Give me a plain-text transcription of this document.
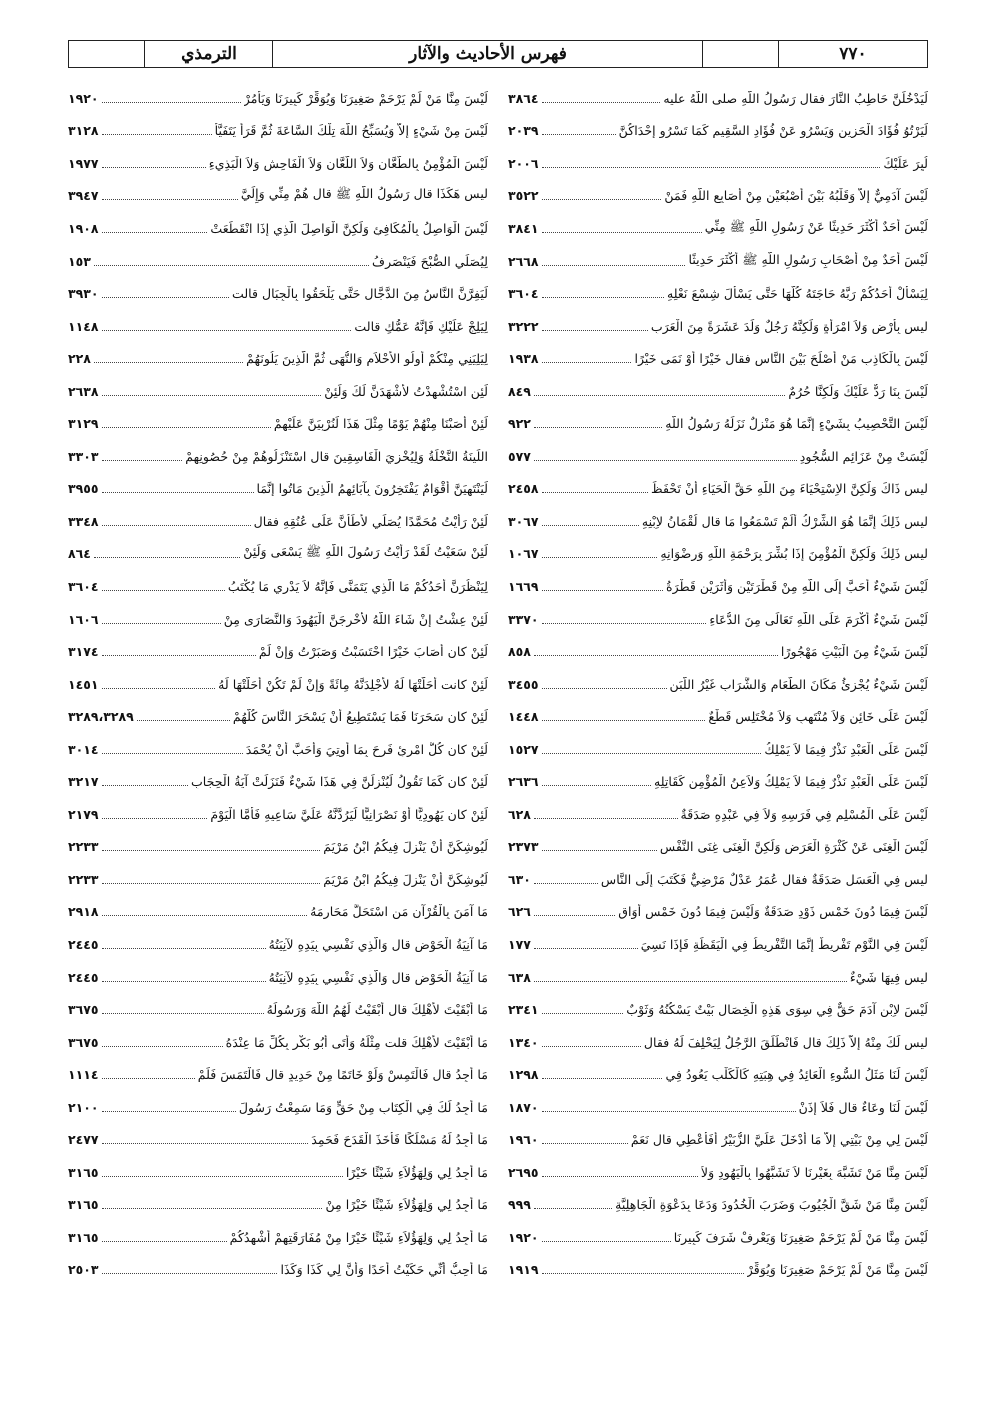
٧٧٠
فهرس الأحاديث والآثار
الترمذي
لَيَدْخُلَنَّ حَاطِبُ النَّارَ فقال رَسُولُ اللَّهِ صلى اللَّهُ عليه
٣٨٦٤
لَيَرْتُوُ فُؤَادَ الْحَزِينِ وَيَسْرُو عَنْ فُؤَادِ السَّقِيمِ كَمَا تَسْرُو إِحْدَاكُنَّ
٢٠٣٩
لُيِرَ عَلَيْكَ
٢٠٠٦
لَيْسَ آدَمِيٌّ إِلاَّ وَقَلْبُهُ بَيْنَ أُصْبُعَيْنِ مِنْ أَصَابِعِ اللَّهِ فَمَنْ
٣٥٢٢
لَيْسَ أَحَدٌ أَكْثَرَ حَدِيثًا عَنْ رَسُولِ اللَّهِ ﷺ مِنِّي
٣٨٤١
لَيْسَ أَحَدٌ مِنْ أَصْحَابِ رَسُولِ اللَّهِ ﷺ أَكْثَرَ حَدِيثًا
٢٦٦٨
لِيَسْأَلْ أَحَدُكُمْ رَبَّهُ حَاجَتَهُ كُلَّهَا حَتَّى يَسْأَلَ شِسْعَ نَعْلِهِ
٣٦٠٤
ليس بِأَرْضٍ وَلاَ امْرَأَةٍ وَلَكِنَّهُ رَجُلٌ وَلَدَ عَشَرَةً مِنَ الْعَرَبِ
٣٢٢٢
لَيْسَ بِالْكَاذِبِ مَنْ أَصْلَحَ بَيْنَ النَّاسِ فقال خَيْرًا أَوْ نَمَى خَيْرًا
١٩٣٨
لَيْسَ بِنَا رَدٌّ عَلَيْكَ وَلَكِنَّا حُرُمٌ
٨٤٩
لَيْسَ التَّحْصِيبُ بِشَيْءٍ إِنَّمَا هُوَ مَنْزِلٌ نَزَلَهُ رَسُولُ اللَّهِ
٩٢٢
لَيْسَتْ مِنْ عَزَائِمِ السُّجُودِ
٥٧٧
ليس ذَاكَ وَلَكِنَّ الاِسْتِحْيَاءَ مِنَ اللَّهِ حَقَّ الْحَيَاءِ أَنْ تَحْفَظَ
٢٤٥٨
ليس ذَلِكَ إِنَّمَا هُوَ الشِّرْكُ أَلَمْ تَسْمَعُوا مَا قال لُقْمَانُ لاِبْنِهِ
٣٠٦٧
ليس ذَلِكَ وَلَكِنَّ الْمُؤْمِنَ إِذَا بُشِّرَ بِرَحْمَةِ اللَّهِ وَرِضْوَانِهِ
١٠٦٧
لَيْسَ شَيْءٌ أَحَبَّ إِلَى اللَّهِ مِنْ قَطْرَتَيْنِ وَأَثَرَيْنِ قَطْرَةُ
١٦٦٩
لَيْسَ شَيْءٌ أَكْرَمَ عَلَى اللَّهِ تَعَالَى مِنَ الدُّعَاءِ
٣٣٧٠
لَيْسَ شَيْءٌ مِنَ الْبَيْتِ مَهْجُورًا
٨٥٨
لَيْسَ شَيْءٌ يُجْزِئُ مَكَانَ الطَّعَامِ وَالشَّرَابِ غَيْرُ اللَّبَنِ
٣٤٥٥
لَيْسَ عَلَى خَائِنٍ وَلاَ مُنْتَهِبٍ وَلاَ مُخْتَلِسٍ قَطْعٌ
١٤٤٨
لَيْسَ عَلَى الْعَبْدِ نَذْرٌ فِيمَا لاَ يَمْلِكُ
١٥٢٧
لَيْسَ عَلَى الْعَبْدِ نَذْرٌ فِيمَا لاَ يَمْلِكُ وَلاَعِنُ الْمُؤْمِنِ كَقَاتِلِهِ
٢٦٣٦
لَيْسَ عَلَى الْمُسْلِمِ فِي فَرَسِهِ وَلاَ فِي عَبْدِهِ صَدَقَةٌ
٦٢٨
لَيْسَ الْغِنَى عَنْ كَثْرَةِ الْعَرَضِ وَلَكِنَّ الْغِنَى غِنَى النَّفْسِ
٢٣٧٣
ليس فِي الْعَسَلِ صَدَقَةٌ فقال عُمَرُ عَدْلٌ مَرْضِيٌّ فَكَتَبَ إِلَى النَّاسِ
٦٣٠
لَيْسَ فِيمَا دُونَ خَمْسٍ ذَوْدٍ صَدَقَةٌ وَلَيْسَ فِيمَا دُونَ خَمْسِ أَوَاقٍ
٦٢٦
لَيْسَ فِي النَّوْمِ تَفْرِيطٌ إِنَّمَا التَّفْرِيطُ فِي الْيَقَظَةِ فَإِذَا نَسِيَ
١٧٧
ليس فِيهَا شَيْءٌ
٦٣٨
لَيْسَ لاِبْنِ آدَمَ حَقٌّ فِي سِوَى هَذِهِ الْخِصَالِ بَيْتٌ يَسْكُنُهُ وَثَوْبٌ
٢٣٤١
ليس لَكَ مِنْهُ إِلاَّ ذَلِكَ قال فَانْطَلَقَ الرَّجُلُ لِيَحْلِفَ لَهُ فقال
١٣٤٠
لَيْسَ لَنَا مَثَلُ السُّوءِ الْعَائِدُ فِي هِبَتِهِ كَالْكَلْبِ يَعُودُ فِي
١٢٩٨
لَيْسَ لَنَا وِعَاءٌ قال فَلاَ إِذَنْ
١٨٧٠
لَيْسَ لِي مِنْ بَيْتِي إِلاَّ مَا أَدْخَلَ عَلَيَّ الزُّبَيْرُ أَفَأُعْطِي قال نَعَمْ
١٩٦٠
لَيْسَ مِنَّا مَنْ تَشَبَّهَ بِغَيْرِنَا لاَ تَشَبَّهُوا بِالْيَهُودِ وَلاَ
٢٦٩٥
لَيْسَ مِنَّا مَنْ شَقَّ الْجُيُوبَ وَضَرَبَ الْخُدُودَ وَدَعَا بِدَعْوَةِ الْجَاهِلِيَّةِ
٩٩٩
لَيْسَ مِنَّا مَنْ لَمْ يَرْحَمْ صَغِيرَنَا وَيَعْرِفْ شَرَفَ كَبِيرِنَا
١٩٢٠
لَيْسَ مِنَّا مَنْ لَمْ يَرْحَمْ صَغِيرَنَا وَيُوَقِّرْ
١٩١٩
لَيْسَ مِنَّا مَنْ لَمْ يَرْحَمْ صَغِيرَنَا وَيُوَقِّرْ كَبِيرَنَا وَيَأْمُرْ
١٩٢٠
لَيْسَ مِنْ شَيْءٍ إِلاَّ وَيُسَبِّحُ اللَّهَ تِلْكَ السَّاعَةَ ثُمَّ قَرَأَ يَتَفَيَّأُ
٣١٢٨
لَيْسَ الْمُؤْمِنُ بِالطَّعَّانِ وَلاَ اللَّعَّانِ وَلاَ الْفَاحِشِ وَلاَ الْبَذِيءِ
١٩٧٧
ليس هَكَذَا قال رَسُولُ اللَّهِ ﷺ قال هُمْ مِنِّي وَإِلَيَّ
٣٩٤٧
لَيْسَ الْوَاصِلُ بِالْمُكَافِئِ وَلَكِنَّ الْوَاصِلَ الَّذِي إِذَا انْقَطَعَتْ
١٩٠٨
لِيُصَلِّي الصُّبْحَ فَيَنْصَرِفُ
١٥٣
لَيَفِرَّنَّ النَّاسُ مِنَ الدَّجَّالِ حَتَّى يَلْحَقُوا بِالْجِبَالِ قالت
٣٩٣٠
لِيَلِجْ عَلَيْكِ فَإِنَّهُ عَمُّكِ قالت
١١٤٨
لِيَلِيَنِي مِنْكُمْ أُولُو الأَحْلاَمِ وَالنُّهَى ثُمَّ الَّذِينَ يَلُونَهُمْ
٢٢٨
لَئِنِ اسْتُشْهِدْتُ لأَشْهَدَنَّ لَكَ وَلَئِنْ
٢٦٣٨
لَئِنْ أَصَبْنَا مِنْهُمْ يَوْمًا مِثْلَ هَذَا لَنُرْبِيَنَّ عَلَيْهِمْ
٣١٢٩
اللِّينَةُ النَّخْلَةُ وَلِيُخْزِيَ الْفَاسِقِينَ قال اسْتَنْزَلُوهُمْ مِنْ حُصُونِهِمْ
٣٣٠٣
لَيَنْتَهِيَنَّ أَقْوَامٌ يَفْتَخِرُونَ بِآبَائِهِمُ الَّذِينَ مَاتُوا إِنَّمَا
٣٩٥٥
لَئِنْ رَأَيْتُ مُحَمَّدًا يُصَلِّي لأَطَأَنَّ عَلَى عُنُقِهِ فقال
٣٣٤٨
لَئِنْ سَعَيْتُ لَقَدْ رَأَيْتُ رَسُولَ اللَّهِ ﷺ يَسْعَى وَلَئِنْ
٨٦٤
لِيَنْظُرَنَّ أَحَدُكُمْ مَا الَّذِي يَتَمَنَّى فَإِنَّهُ لاَ يَدْرِي مَا يُكْتَبُ
٣٦٠٤
لَئِنْ عِشْتُ إِنْ شَاءَ اللَّهُ لأُخْرِجَنَّ الْيَهُودَ وَالنَّصَارَى مِنْ
١٦٠٦
لَئِنْ كان أَصَابَ خَيْرًا احْتَسَبْتُ وَصَبَرْتُ وَإِنْ لَمْ
٣١٧٤
لَئِنْ كانت أَحَلَّتْهَا لَهُ لأَجْلِدَنَّهُ مِائَةً وَإِنْ لَمْ تَكُنْ أَحَلَّتْهَا لَهُ
١٤٥١
لَئِنْ كان سَحَرَنَا فَمَا يَسْتَطِيعُ أَنْ يَسْحَرَ النَّاسَ كُلَّهُمْ
٣٢٨٩،٣٢٨٩
لَئِنْ كان كُلُّ امْرِئٍ فَرِحَ بِمَا أُوتِيَ وَأَحَبَّ أَنْ يُحْمَدَ
٣٠١٤
لَئِنْ كان كَمَا تَقُولُ لَيُنْزِلَنَّ فِي هَذَا شَيْءٌ فَنَزَلَتْ آيَةُ الْحِجَابِ
٣٢١٧
لَئِنْ كان يَهُودِيًّا أَوْ نَصْرَانِيًّا لَيَرُدَّنَّهُ عَلَيَّ سَاعِيهِ فَأَمَّا الْيَوْمَ
٢١٧٩
لَيُوشِكَنَّ أَنْ يَنْزِلَ فِيكُمُ ابْنُ مَرْيَمَ
٢٢٣٣
لَيُوشِكَنَّ أَنْ يَنْزِلَ فِيكُمُ ابْنُ مَرْيَمَ
٢٢٣٣
مَا آمَنَ بِالْقُرْآنِ مَنِ اسْتَحَلَّ مَحَارِمَهُ
٢٩١٨
مَا آنِيَةُ الْحَوْضِ قال وَالَّذِي نَفْسِي بِيَدِهِ لآنِيَتُهُ
٢٤٤٥
مَا آنِيَةُ الْحَوْضِ قال وَالَّذِي نَفْسِي بِيَدِهِ لآنِيَتُهُ
٢٤٤٥
مَا أَبْقَيْتَ لأَهْلِكَ قال أَبْقَيْتُ لَهُمُ اللَّهَ وَرَسُولَهُ
٣٦٧٥
مَا أَبْقَيْتَ لأَهْلِكَ قلت مِثْلَهُ وَأَتَى أَبُو بَكْرٍ بِكُلِّ مَا عِنْدَهُ
٣٦٧٥
مَا أَجِدُ قال فَالْتَمِسْ وَلَوْ خَاتَمًا مِنْ حَدِيدٍ قال فَالْتَمَسَ فَلَمْ
١١١٤
مَا أَجِدُ لَكَ فِي الْكِتَابِ مِنْ حَقٍّ وَمَا سَمِعْتُ رَسُولَ
٢١٠٠
مَا أَجِدُ لَهُ مَسْلَكًا فَأَخَذَ الْقَدَحَ فَحَمِدَ
٢٤٧٧
مَا أَجِدُ لِي وَلِهَؤُلاَءِ شَيْئًا خَيْرًا
٣١٦٥
مَا أَجِدُ لِي وَلِهَؤُلاَءِ شَيْئًا خَيْرًا مِنْ
٣١٦٥
مَا أَجِدُ لِي وَلِهَؤُلاَءِ شَيْئًا خَيْرًا مِنْ مُفَارَقَتِهِمْ أُشْهِدُكُمْ
٣١٦٥
مَا أُحِبُّ أَنِّي حَكَيْتُ أَحَدًا وَأَنَّ لِي كَذَا وَكَذَا
٢٥٠٣
